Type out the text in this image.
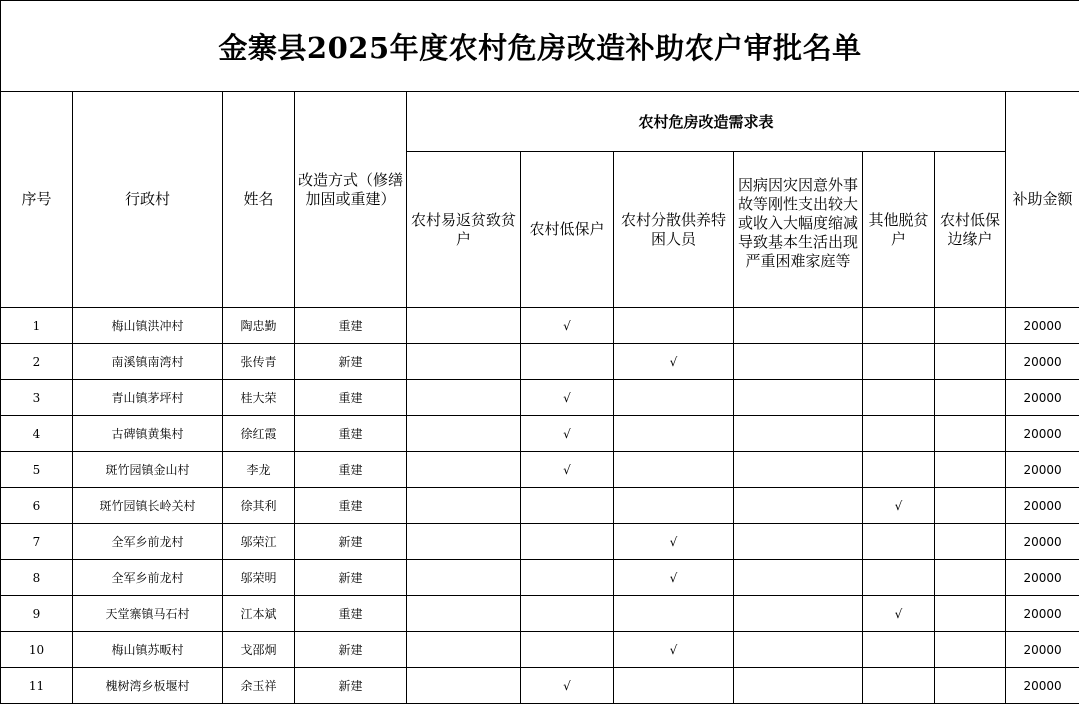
金寨县2025年度农村危房改造补助农户审批名单										
序号	行政村	姓名	改造方式（修缮加固或重建）	农村危房改造需求表						补助金额
				农村易返贫致贫户	农村低保户	农村分散供养特困人员	因病因灾因意外事故等刚性支出较大或收入大幅度缩减导致基本生活出现严重困难家庭等	其他脱贫户	农村低保边缘户	
1	梅山镇洪冲村	陶忠勤	重建		√					20000
2	南溪镇南湾村	张传青	新建			√				20000
3	青山镇茅坪村	桂大荣	重建		√					20000
4	古碑镇黄集村	徐红霞	重建		√					20000
5	斑竹园镇金山村	李龙	重建		√					20000
6	斑竹园镇长岭关村	徐其利	重建					√		20000
7	全军乡前龙村	邬荣江	新建			√				20000
8	全军乡前龙村	邬荣明	新建			√				20000
9	天堂寨镇马石村	江本斌	重建					√		20000
10	梅山镇苏畈村	戈邵炯	新建			√				20000
11	槐树湾乡板堰村	余玉祥	新建		√					20000
